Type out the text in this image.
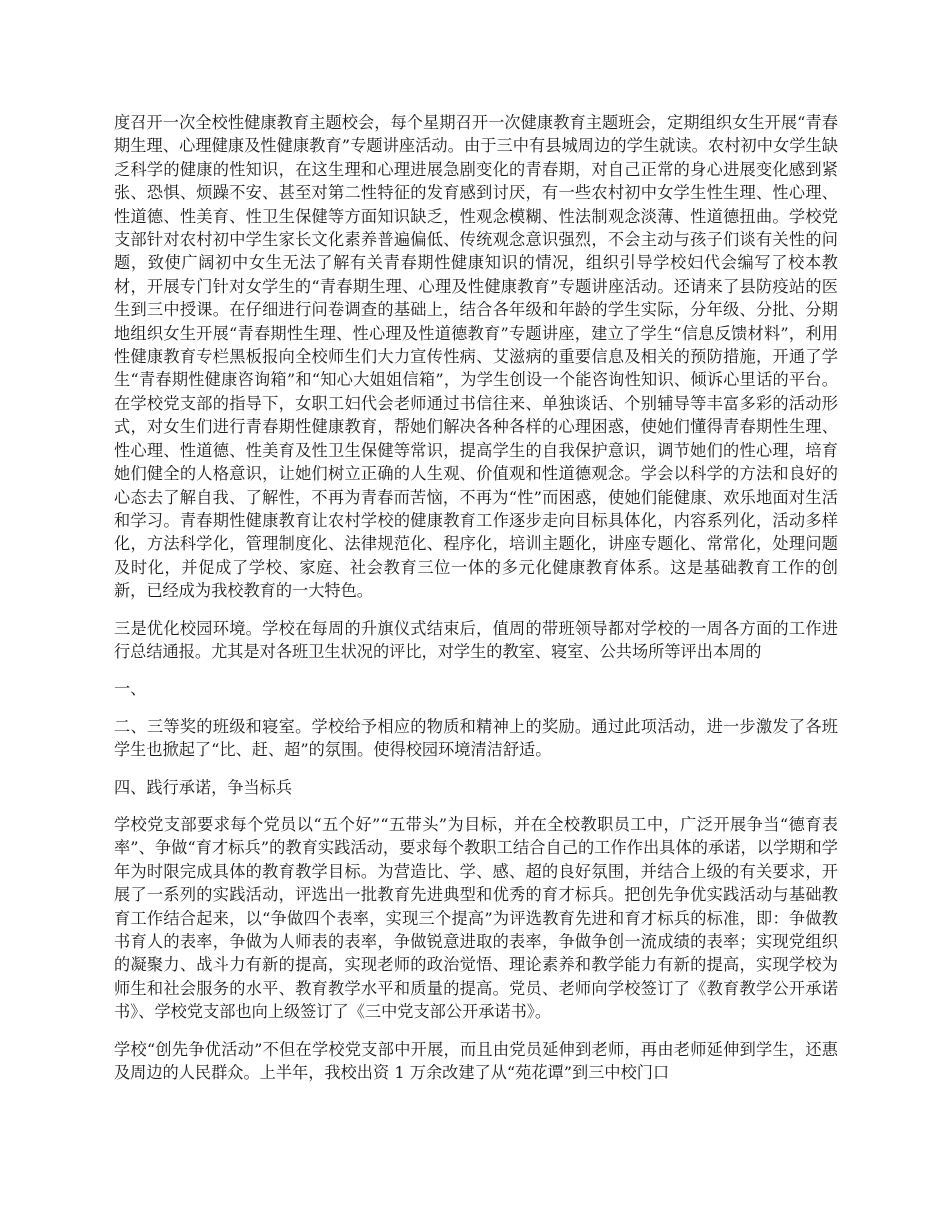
度召开一次全校性健康教育主题校会，每个星期召开一次健康教育主题班会，定期组织女生开展“青春期生理、心理健康及性健康教育”专题讲座活动。由于三中有县城周边的学生就读。农村初中女学生缺乏科学的健康的性知识，在这生理和心理进展急剧变化的青春期，对自己正常的身心进展变化感到紧张、恐惧、烦躁不安、甚至对第二性特征的发育感到讨厌，有一些农村初中女学生性生理、性心理、性道德、性美育、性卫生保健等方面知识缺乏，性观念模糊、性法制观念淡薄、性道德扭曲。学校党支部针对农村初中学生家长文化素养普遍偏低、传统观念意识强烈，不会主动与孩子们谈有关性的问题，致使广阔初中女生无法了解有关青春期性健康知识的情况，组织引导学校妇代会编写了校本教材，开展专门针对女学生的“青春期生理、心理及性健康教育”专题讲座活动。还请来了县防疫站的医生到三中授课。在仔细进行问卷调查的基础上，结合各年级和年龄的学生实际，分年级、分批、分期地组织女生开展“青春期性生理、性心理及性道德教育”专题讲座，建立了学生“信息反馈材料”，利用性健康教育专栏黑板报向全校师生们大力宣传性病、艾滋病的重要信息及相关的预防措施，开通了学生“青春期性健康咨询箱”和“知心大姐姐信箱”，为学生创设一个能咨询性知识、倾诉心里话的平台。在学校党支部的指导下，女职工妇代会老师通过书信往来、单独谈话、个别辅导等丰富多彩的活动形式，对女生们进行青春期性健康教育，帮她们解决各种各样的心理困惑，使她们懂得青春期性生理、性心理、性道德、性美育及性卫生保健等常识，提高学生的自我保护意识，调节她们的性心理，培育她们健全的人格意识，让她们树立正确的人生观、价值观和性道德观念。学会以科学的方法和良好的心态去了解自我、了解性，不再为青春而苦恼，不再为“性”而困惑，使她们能健康、欢乐地面对生活和学习。青春期性健康教育让农村学校的健康教育工作逐步走向目标具体化，内容系列化，活动多样化，方法科学化，管理制度化、法律规范化、程序化，培训主题化，讲座专题化、常常化，处理问题及时化，并促成了学校、家庭、社会教育三位一体的多元化健康教育体系。这是基础教育工作的创新，已经成为我校教育的一大特色。

三是优化校园环境。学校在每周的升旗仪式结束后，值周的带班领导都对学校的一周各方面的工作进行总结通报。尤其是对各班卫生状况的评比，对学生的教室、寝室、公共场所等评出本周的

一、

二、三等奖的班级和寝室。学校给予相应的物质和精神上的奖励。通过此项活动，进一步激发了各班学生也掀起了“比、赶、超”的氛围。使得校园环境清洁舒适。

四、践行承诺，争当标兵

学校党支部要求每个党员以“五个好”“五带头”为目标，并在全校教职员工中，广泛开展争当“德育表率”、争做“育才标兵”的教育实践活动，要求每个教职工结合自己的工作作出具体的承诺，以学期和学年为时限完成具体的教育教学目标。为营造比、学、感、超的良好氛围，并结合上级的有关要求，开展了一系列的实践活动，评选出一批教育先进典型和优秀的育才标兵。把创先争优实践活动与基础教育工作结合起来，以“争做四个表率，实现三个提高”为评选教育先进和育才标兵的标准，即：争做教书育人的表率，争做为人师表的表率，争做锐意进取的表率，争做争创一流成绩的表率；实现党组织的凝聚力、战斗力有新的提高，实现老师的政治觉悟、理论素养和教学能力有新的提高，实现学校为师生和社会服务的水平、教育教学水平和质量的提高。党员、老师向学校签订了《教育教学公开承诺书》、学校党支部也向上级签订了《三中党支部公开承诺书》。

学校“创先争优活动”不但在学校党支部中开展，而且由党员延伸到老师，再由老师延伸到学生，还惠及周边的人民群众。上半年，我校出资 1 万余改建了从“苑花谭”到三中校门口
